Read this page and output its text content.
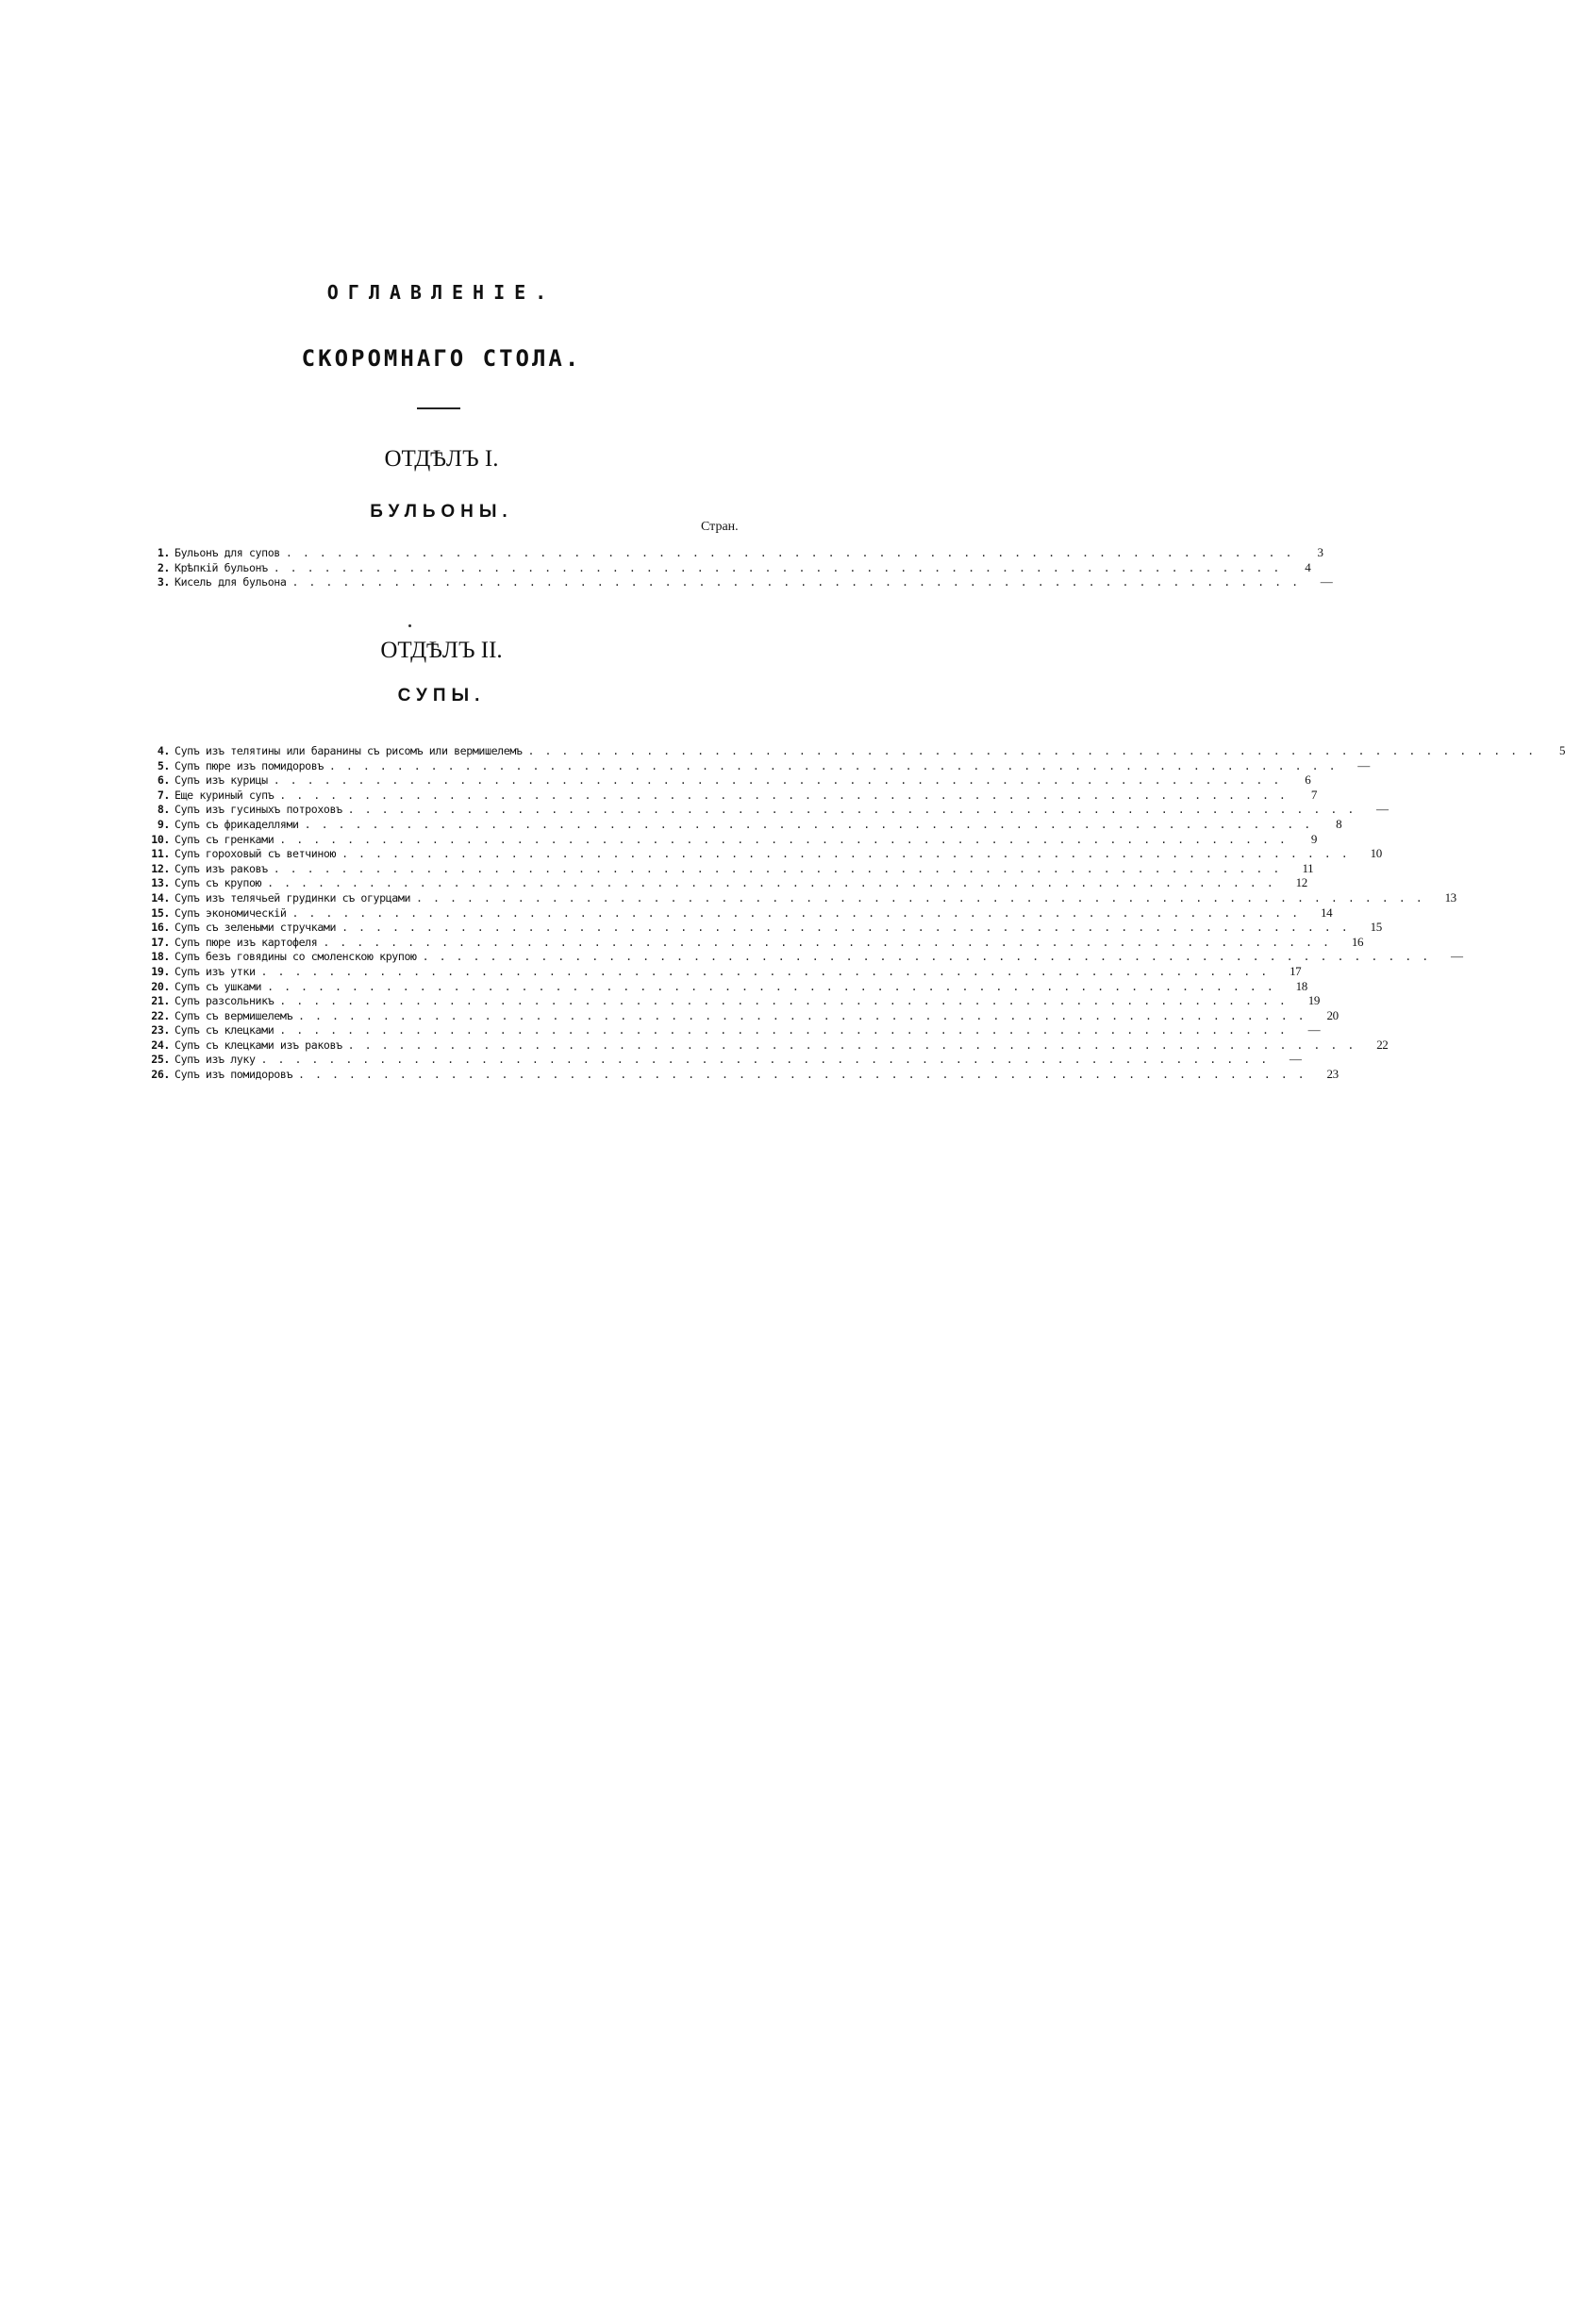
ОГЛАВЛЕНІЕ.
СКОРОМНАГО СТОЛА.
ОТДѢЛЪ I.
БУЛЬОНЫ.
Стран.
1. Бульонъ для супов . . . . . . . . . . . . . . . . . . . . . . . . . . . . . . . . . . . . . . . . . . . . . . . . . . . . . . . . . . . .	3
2. Крѣпкій бульонъ . . . . . . . . . . . . . . . . . . . . . . . . . . . . . . . . . . . . . . . . . . . . . . . . . . . . . . . . . . . .	4
3. Кисель для бульона . . . . . . . . . . . . . . . . . . . . . . . . . . . . . . . . . . . . . . . . . . . . . . . . . . . . . . . . . . . .	—
ОТДѢЛЪ II.
СУПЫ.
4. Супъ изъ телятины или баранины съ рисомъ или вермишелемъ . . . . . . . . . . . . . . . . . . . . . . . . . . . . . . . . . . . . . . . . . . . . . . . . . . . . . . . . . . . .	5
5. Супъ пюре изъ помидоровъ . . . . . . . . . . . . . . . . . . . . . . . . . . . . . . . . . . . . . . . . . . . . . . . . . . . . . . . . . . . .	—
6. Супъ изъ курицы . . . . . . . . . . . . . . . . . . . . . . . . . . . . . . . . . . . . . . . . . . . . . . . . . . . . . . . . . . . .	6
7. Еще куриный супъ . . . . . . . . . . . . . . . . . . . . . . . . . . . . . . . . . . . . . . . . . . . . . . . . . . . . . . . . . . . .	7
8. Супъ изъ гусиныхъ потроховъ . . . . . . . . . . . . . . . . . . . . . . . . . . . . . . . . . . . . . . . . . . . . . . . . . . . . . . . . . . . .	—
9. Супъ съ фрикаделлями . . . . . . . . . . . . . . . . . . . . . . . . . . . . . . . . . . . . . . . . . . . . . . . . . . . . . . . . . . . .	8
10. Супъ съ гренками . . . . . . . . . . . . . . . . . . . . . . . . . . . . . . . . . . . . . . . . . . . . . . . . . . . . . . . . . . . .	9
11. Супъ гороховый съ ветчиною . . . . . . . . . . . . . . . . . . . . . . . . . . . . . . . . . . . . . . . . . . . . . . . . . . . . . . . . . . . .	10
12. Супъ изъ раковъ . . . . . . . . . . . . . . . . . . . . . . . . . . . . . . . . . . . . . . . . . . . . . . . . . . . . . . . . . . . .	11
13. Супъ съ крупою . . . . . . . . . . . . . . . . . . . . . . . . . . . . . . . . . . . . . . . . . . . . . . . . . . . . . . . . . . . .	12
14. Супъ изъ телячьей грудинки съ огурцами . . . . . . . . . . . . . . . . . . . . . . . . . . . . . . . . . . . . . . . . . . . . . . . . . . . . . . . . . . . .	13
15. Супъ экономическій . . . . . . . . . . . . . . . . . . . . . . . . . . . . . . . . . . . . . . . . . . . . . . . . . . . . . . . . . . . .	14
16. Супъ съ зелеными стручками . . . . . . . . . . . . . . . . . . . . . . . . . . . . . . . . . . . . . . . . . . . . . . . . . . . . . . . . . . . .	15
17. Супъ пюре изъ картофеля . . . . . . . . . . . . . . . . . . . . . . . . . . . . . . . . . . . . . . . . . . . . . . . . . . . . . . . . . . . .	16
18. Супъ безъ говядины со смоленскою крупою . . . . . . . . . . . . . . . . . . . . . . . . . . . . . . . . . . . . . . . . . . . . . . . . . . . . . . . . . . . .	—
19. Супъ изъ утки . . . . . . . . . . . . . . . . . . . . . . . . . . . . . . . . . . . . . . . . . . . . . . . . . . . . . . . . . . . .	17
20. Супъ съ ушками . . . . . . . . . . . . . . . . . . . . . . . . . . . . . . . . . . . . . . . . . . . . . . . . . . . . . . . . . . . .	18
21. Супъ разсольникъ . . . . . . . . . . . . . . . . . . . . . . . . . . . . . . . . . . . . . . . . . . . . . . . . . . . . . . . . . . . .	19
22. Супъ съ вермишелемъ . . . . . . . . . . . . . . . . . . . . . . . . . . . . . . . . . . . . . . . . . . . . . . . . . . . . . . . . . . . .	20
23. Супъ съ клецками . . . . . . . . . . . . . . . . . . . . . . . . . . . . . . . . . . . . . . . . . . . . . . . . . . . . . . . . . . . .	—
24. Супъ съ клецками изъ раковъ . . . . . . . . . . . . . . . . . . . . . . . . . . . . . . . . . . . . . . . . . . . . . . . . . . . . . . . . . . . .	22
25. Супъ изъ луку . . . . . . . . . . . . . . . . . . . . . . . . . . . . . . . . . . . . . . . . . . . . . . . . . . . . . . . . . . . .	—
26. Супъ изъ помидоровъ . . . . . . . . . . . . . . . . . . . . . . . . . . . . . . . . . . . . . . . . . . . . . . . . . . . . . . . . . . . .	23
